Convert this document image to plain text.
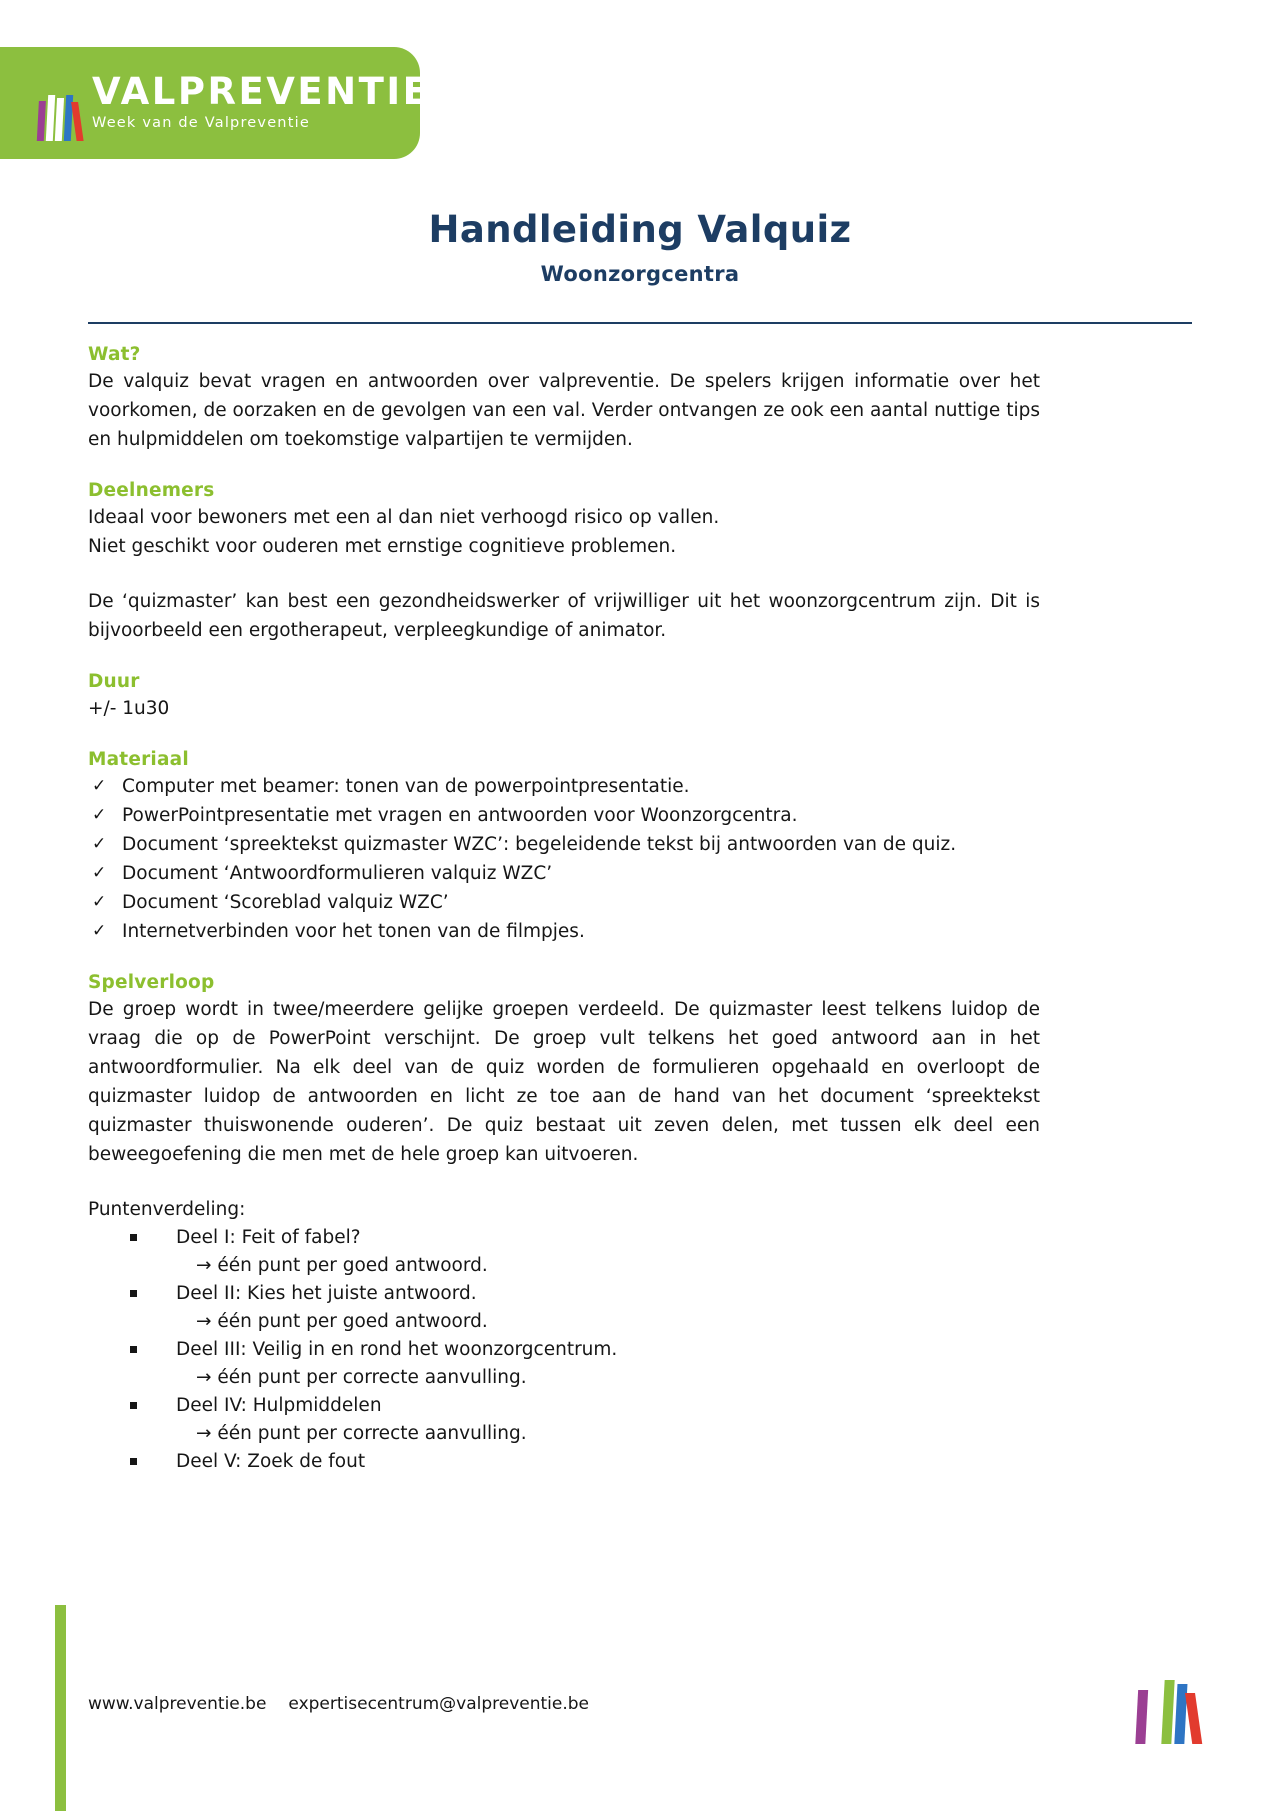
VALPREVENTIE.be
Week van de Valpreventie
Handleiding Valquiz
Woonzorgcentra
Wat?

De valquiz bevat vragen en antwoorden over valpreventie. De spelers krijgen informatie over het voorkomen, de oorzaken en de gevolgen van een val. Verder ontvangen ze ook een aantal nuttige tips en hulpmiddelen om toekomstige valpartijen te vermijden.

Deelnemers

Ideaal voor bewoners met een al dan niet verhoogd risico op vallen.

Niet geschikt voor ouderen met ernstige cognitieve problemen.

De ‘quizmaster’ kan best een gezondheidswerker of vrijwilliger uit het woonzorgcentrum zijn. Dit is bijvoorbeeld een ergotherapeut, verpleegkundige of animator.

Duur

+/- 1u30

Materiaal
✓ Computer met beamer: tonen van de powerpointpresentatie.
✓ PowerPointpresentatie met vragen en antwoorden voor Woonzorgcentra.
✓ Document ‘spreektekst quizmaster WZC’: begeleidende tekst bij antwoorden van de quiz.
✓ Document ‘Antwoordformulieren valquiz WZC’
✓ Document ‘Scoreblad valquiz WZC’
✓ Internetverbinden voor het tonen van de filmpjes.
Spelverloop

De groep wordt in twee/meerdere gelijke groepen verdeeld. De quizmaster leest telkens luidop de vraag die op de PowerPoint verschijnt. De groep vult telkens het goed antwoord aan in het antwoordformulier. Na elk deel van de quiz worden de formulieren opgehaald en overloopt de quizmaster luidop de antwoorden en licht ze toe aan de hand van het document ‘spreektekst quizmaster thuiswonende ouderen’. De quiz bestaat uit zeven delen, met tussen elk deel een beweegoefening die men met de hele groep kan uitvoeren.

Puntenverdeling:

Deel I: Feit of fabel?
→ één punt per goed antwoord.
Deel II: Kies het juiste antwoord.
→ één punt per goed antwoord.
Deel III: Veilig in en rond het woonzorgcentrum.
→ één punt per correcte aanvulling.
Deel IV: Hulpmiddelen
→ één punt per correcte aanvulling.
Deel V: Zoek de fout
www.valpreventie.be expertisecentrum@valpreventie.be
